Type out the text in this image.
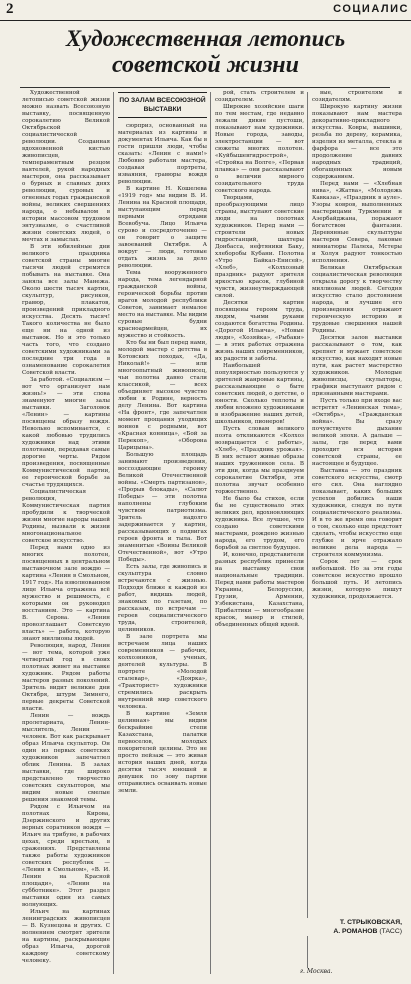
2	СОЦИАЛИС
Художественная летопись
советской жизни

Художественной летописью советской жизни можно назвать Всесоюзную выставку, посвященную сорокалетию Великой Октябрьской социалистической революции. Созданная вдохновенной кистью живописцев, темпераментным резцом ваятелей, рукой народных мастеров, она рассказывает о бурных и славных днях революции, суровых и огненных годах гражданской войны, великих свершениях народа, о небывалом в истории массовом трудовом энтузиазме, о счастливой жизни советских людей, о мечтах и замыслах.

В эти юбилейные дни великого праздника советской страны многие тысячи людей стремятся побывать на выставке. Она заняла все залы Манежа. Около шести тысяч картин, скульптур, рисунков, гравюр, плакатов, произведений прикладного искусства. Десять тысяч! Такого количества не было еще ни на одной из выставок. Но и это только часть того, что создано советскими художниками за последние три года в ознаменование сорокалетия Советской власти.

За работой. «Социализм — вот что организует нам жизнь!» — эти слова знаменуют многие залы выставки. Заголовок «Ленин» — картины посвящены образу вождя. Невольно вспоминается, с какой любовью трудились художники над этими полотнами, передавая самые дорогие черты. Рядом произведения, посвященные Коммунистической партии, ее героической борьбе за счастье трудящихся.

Социалистическая революция, Коммунистическая партия пробудили к творческой жизни многие народы нашей Родины, вызвали к жизни многонациональное советское искусство.

Перед нами одно из многих полотен, посвященных в центральном выставочном зале вождю — картина «Ленин в Смольном, 1917 год». На взволнованном лице Ильича отражена всё мужество и решимость, с которыми он руководил восстанием. Это — картина В. Серова. «Ленин провозглашает Советскую власть» — работа, которую знают миллионы людей.

Революция, народ, Ленин — вот тема, которой уже четвертый год в своих полотнах живет на выставке художник. Рядом работы мастеров разных поколений. Зритель видит великие дни Октября, штурм Зимнего, первые декреты Советской власти.

Ленин — вождь пролетариата, Ленин-мыслитель, Ленин — человек. Вот как раскрывает образ Ильича скульптор. Он один из первых советских художников запечатлел облик Ленина. В залах выставки, где широко представлено творчество советских скульпторов, мы видим новые смелые решения знакомой темы.

Рядом с Ильичом на полотнах Кирова, Дзержинского и других верных соратников вождя — Ильич на трибуне, в рабочих цехах, среди крестьян, в сражениях. Представлены также работы художников советских республик — «Ленин в Смольном», «В. И. Ленин на Красной площади», «Ленин на субботнике». Этот раздел выставки один из самых волнующих.

Ильич на картинах ленинградских живописцев — В. Кузнецова и других. С волнением смотрят зрители на картины, раскрывающие образ Ильича, дорогой каждому советскому человеку.

ПО ЗАЛАМ ВСЕСОЮЗНОЙ
ВЫСТАВКИ

сюрприз, основанный на материалах из картины и документах Ильича. Как бы в гости пришли люди, чтобы сказать: «Ленин с нами!» Любовно работали мастера, создавая портреты, изваяния, гравюры вождя революции.

В картине Н. Кошелева «1919 год» мы видим В. И. Ленина на Красной площади, выступающим перед первыми отрядами Всевобуча. Лицо Ильича сурово и сосредоточенно — он говорит о защите завоеваний Октября. А вокруг — люди, готовые отдать жизнь за дело революции.

Тема вооруженного народа, тема легендарной гражданской войны, героической борьбы против врагов молодой республики Советов, занимает немалое место на выставке. Мы видим суровые будни красноармейцев, их мужество и стойкость.

Кто бы ни был перед нами, молодой мастер с детства в Котовских походах, «Да, Николай!» — или многоопытный живописец, чьи полотна давно стали классикой, — всех объединяет высокое чувство любви к Родине, верность делу Ленина. Вот картина «На фронт», где запечатлен момент прощания уходящих воинов с родными, вот «Красная конница», «Бой за Перекоп», «Оборона Царицына».

Большую площадь занимают произведения, воссоздающие героику Великой Отечественной войны. «Смерть партизанов», «Прорыв блокады», «Салют Победы» — эти полотна наполнены глубоким чувством патриотизма. Зритель надолго задерживается у картин, рассказывающих о подвигах героев фронта и тыла. Вот знаменитые «Воины Великой Отечественной», вот «Утро Победы».

Есть залы, где живопись и скульптура словно встречаются с жизнью. Подходя ближе к каждой из работ, видишь людей, знакомых по газетам, по рассказам, по встречам — героев социалистического труда, строителей, целинников.

В зале портрета мы встречаем лица наших современников — рабочих, колхозников, ученых, деятелей культуры. В портрете «Молодой сталевар», «Доярка», «Тракторист» художники стремились раскрыть внутренний мир советского человека.

В картине «Земля целинная» мы видим бескрайние степи Казахстана, палатки первоселов, молодых покорителей целины. Это не просто пейзаж — это живая история наших дней, когда десятки тысяч юношей и девушек по зову партии отправились осваивать новые земли.

рой, стать строителем и созидателем.

Широкие хозяйские шаги по тем местам, где недавно лежали дикие пустоши, показывают нам художники. Новые города, заводы, электростанции — вот сюжеты многих полотен. «Куйбышевгидрострой», «Стройка на Волге», «Первая плавка» — они рассказывают о величии мирного созидательного труда советского народа.

Творцами, преобразующими лицо страны, выступают советские люди на полотнах художников. Перед нами — строители новых гидростанций, шахтеры Донбасса, нефтяники Баку, хлеборобы Кубани. Полотна «Утро Байкал-Енисей», «Хлеб», «Колхозный праздник» радуют зрителя яркостью красок, глубиной чувств, жизнеутверждающей силой.

Десятки картин посвящены героям труда, людям, чьими руками создаются богатства Родины. «Дорогой Ильича», «Новые люди», «Хозяйка», «Рыбаки» — в этих работах отражена жизнь наших современников, их радости и заботы.

Наибольшей популярностью пользуются у зрителей жанровые картины, рассказывающие о быте советских людей, о детстве, о юности. Сколько теплоты и любви вложено художниками в изображение наших детей, школьников, пионеров!

Пусть словам великого поэта откликаются «Колхоз возвращается с работы», «Хлеб», «Праздник урожая». В них встают живые образы наших тружеников села. В эти дни, когда мы празднуем сорокалетие Октября, эти полотна звучат особенно торжественно.

Не было бы стихов, если бы не существовало этих великих дел, вдохновляющих художника. Все лучшее, что создано советскими мастерами, рождено жизнью народа, его трудом, его борьбой за светлое будущее.

И, конечно, представители разных республик принесли на выставку свои национальные традиции. Перед нами работы мастеров Украины, Белоруссии, Грузии, Армении, Узбекистана, Казахстана, Прибалтики — многообразие красок, манер и стилей, объединенных общей идеей.

вые, строителям и созидателям.

Широкую картину жизни показывают нам мастера декоративно-прикладного искусства. Ковры, вышивки, резьба по дереву, керамика, изделия из металла, стекла и фарфора — все это продолжение давних народных традиций, обогащенных новым содержанием.

Перед нами — «Хлебная нива», «Жатва», «Молодежь Кавказа», «Праздник в ауле». Узоры ковров, выполненных мастерицами Туркмении и Азербайджана, поражают богатством фантазии. Деревянные скульптуры мастеров Севера, лаковые миниатюры Палеха, Мстеры и Холуя радуют тонкостью исполнения.

Великая Октябрьская социалистическая революция открыла дорогу к творчеству миллионам людей. Сегодня искусство стало достоянием народа, и лучшие его произведения отражают героическую историю и трудовые свершения нашей Родины.

Десятки залов выставки рассказывают о том, как крепнет и мужает советское искусство, как находит новые пути, как растет мастерство художников. Молодые живописцы, скульпторы, графики выступают рядом с признанными мастерами.

Пусть только при входе вас встретят «Ленинская тема», «Октябрь», «Гражданская война». Вы сразу почувствуете дыхание великой эпохи. А дальше — залы, где перед вами проходит вся история советской страны, ее настоящее и будущее.

Выставка — это праздник советского искусства, смотр его сил. Она наглядно показывает, каких больших успехов добились наши художники, следуя по пути социалистического реализма. И в то же время она говорит о том, сколько еще предстоит сделать, чтобы искусство еще глубже и ярче отражало великие дела народа — строителя коммунизма.

Сорок лет — срок небольшой. Но за эти годы советское искусство прошло большой путь. И летопись жизни, которую пишут художники, продолжается.

Т. СТРЫКОВСКАЯ,
А. РОМАНОВ (ТАСС)
г. Москва.
